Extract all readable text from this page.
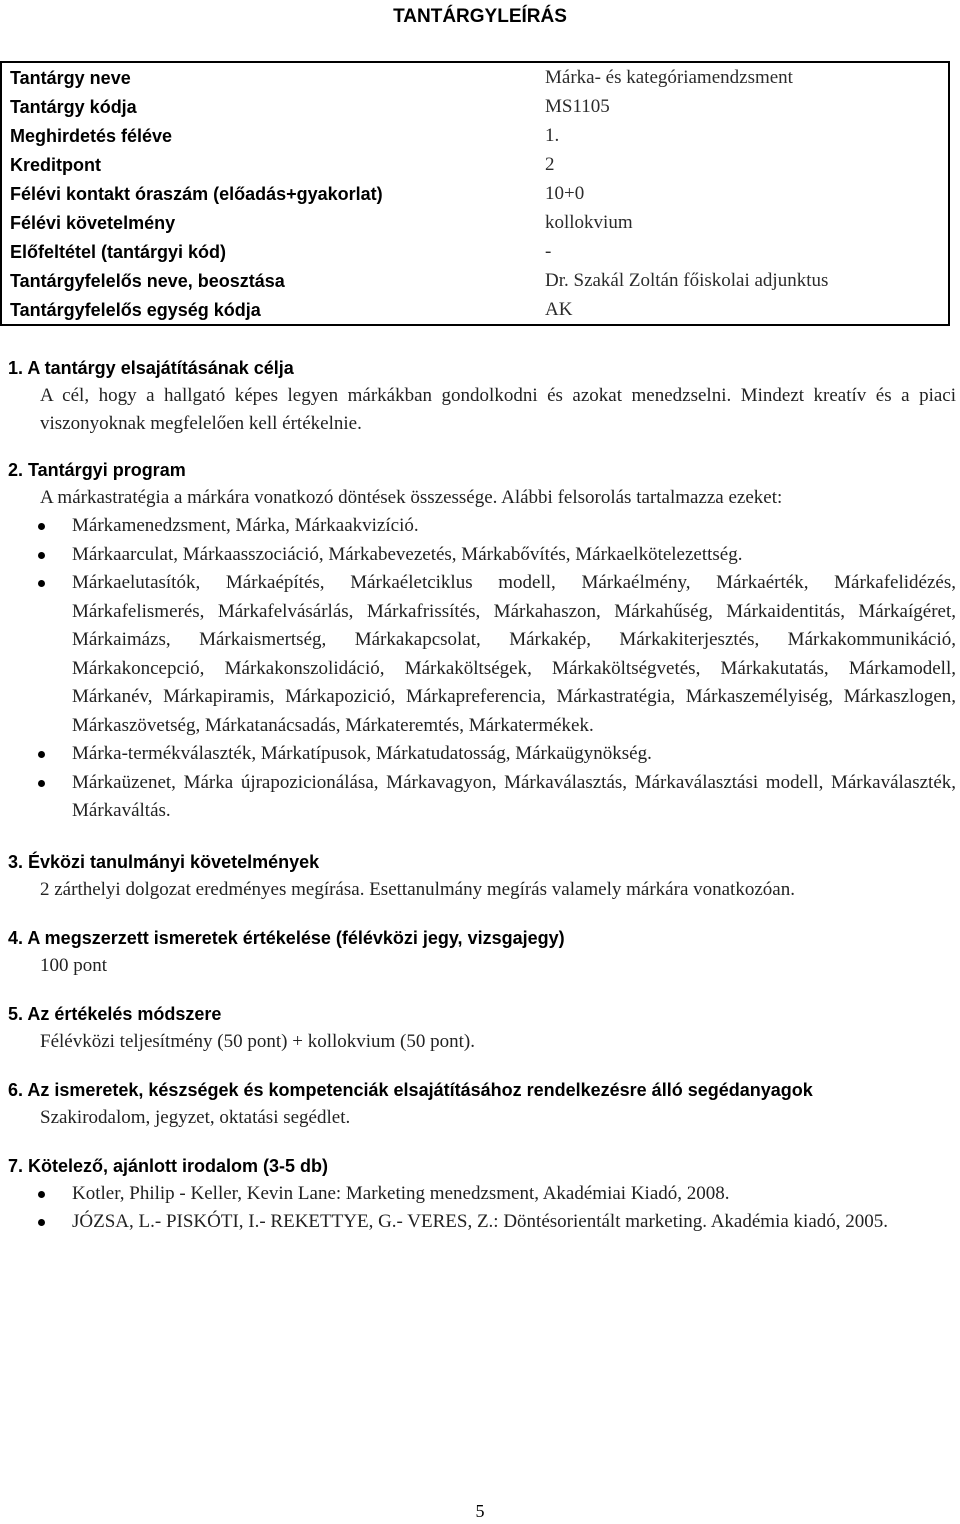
TANTÁRGYLEÍRÁS
Tantárgy neve	Márka- és kategóriamendzsment
Tantárgy kódja	MS1105
Meghirdetés féléve	1.
Kreditpont	2
Félévi kontakt óraszám (előadás+gyakorlat)	10+0
Félévi követelmény	kollokvium
Előfeltétel (tantárgyi kód)	-
Tantárgyfelelős neve, beosztása	Dr. Szakál Zoltán főiskolai adjunktus
Tantárgyfelelős egység kódja	AK
1. A tantárgy elsajátításának célja
A cél, hogy a hallgató képes legyen márkákban gondolkodni és azokat menedzselni. Mindezt kreatív és a piaci viszonyoknak megfelelően kell értékelnie.
2. Tantárgyi program
A márkastratégia a márkára vonatkozó döntések összessége. Alábbi felsorolás tartalmazza ezeket:
Márkamenedzsment, Márka, Márkaakvizíció.
Márkaarculat, Márkaasszociáció, Márkabevezetés, Márkabővítés, Márkaelkötelezettség.
Márkaelutasítók, Márkaépítés, Márkaéletciklus modell, Márkaélmény, Márkaérték, Márkafelidézés, Márkafelismerés, Márkafelvásárlás, Márkafrissítés, Márkahaszon, Márkahűség, Márkaidentitás, Márkaígéret, Márkaimázs, Márkaismertség, Márkakapcsolat, Márkakép, Márkakiterjesztés, Márkakommunikáció, Márkakoncepció, Márkakonszolidáció, Márkaköltségek, Márkaköltségvetés, Márkakutatás, Márkamodell, Márkanév, Márkapiramis, Márkapozició, Márkapreferencia, Márkastratégia, Márkaszemélyiség, Márkaszlogen, Márkaszövetség, Márkatanácsadás, Márkateremtés, Márkatermékek.
Márka-termékválaszték, Márkatípusok, Márkatudatosság, Márkaügynökség.
Márkaüzenet, Márka újrapozicionálása, Márkavagyon, Márkaválasztás, Márkaválasztási modell, Márkaválaszték, Márkaváltás.
3. Évközi tanulmányi követelmények
2 zárthelyi dolgozat eredményes megírása. Esettanulmány megírás valamely márkára vonatkozóan.
4. A megszerzett ismeretek értékelése (félévközi jegy, vizsgajegy)
100 pont
5. Az értékelés módszere
Félévközi teljesítmény (50 pont) + kollokvium (50 pont).
6. Az ismeretek, készségek és kompetenciák elsajátításához rendelkezésre álló segédanyagok
Szakirodalom, jegyzet, oktatási segédlet.
7. Kötelező, ajánlott irodalom (3-5 db)
Kotler, Philip - Keller, Kevin Lane: Marketing menedzsment, Akadémiai Kiadó, 2008.
JÓZSA, L.- PISKÓTI, I.- REKETTYE, G.- VERES, Z.: Döntésorientált marketing. Akadémia kiadó, 2005.
5
